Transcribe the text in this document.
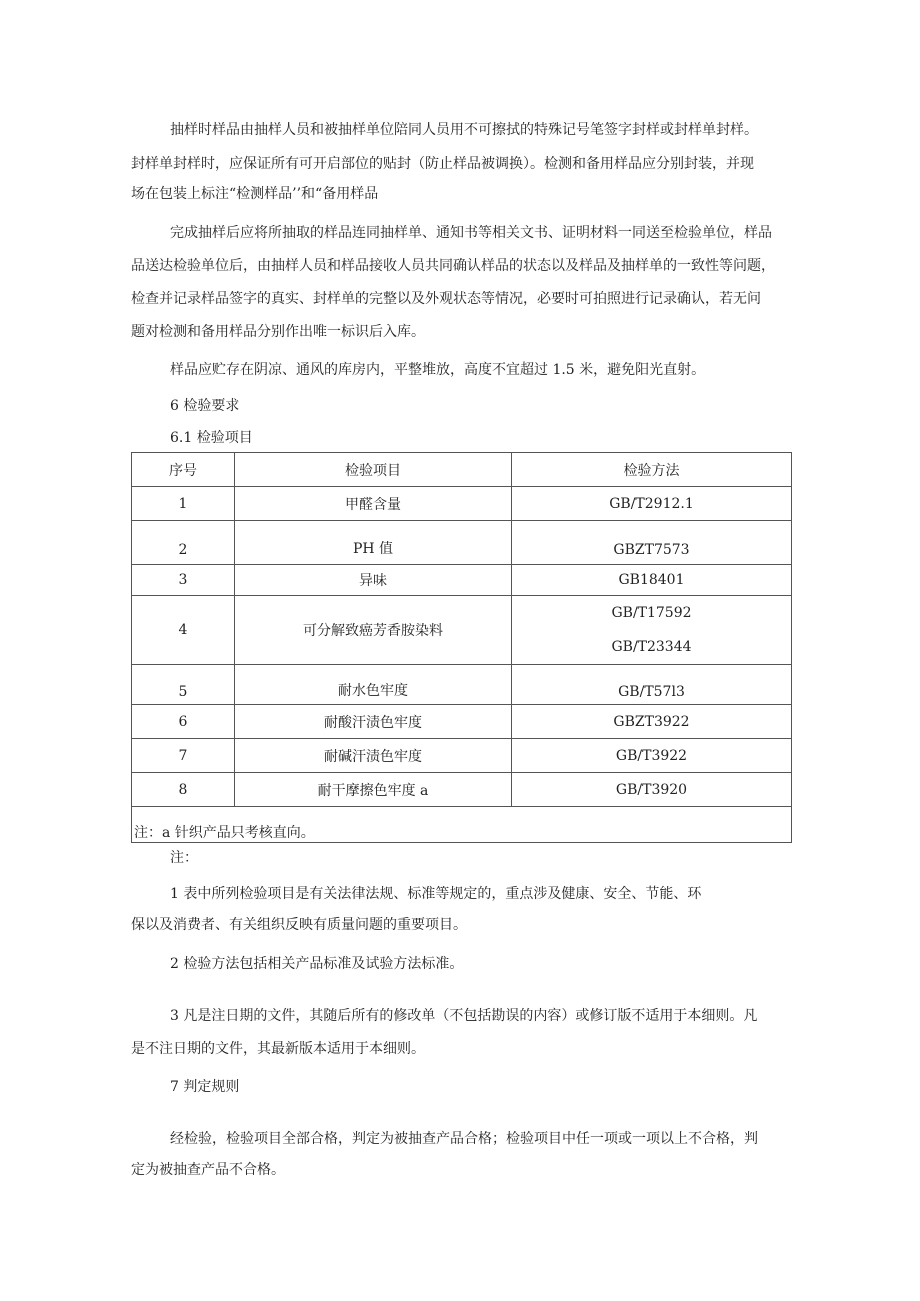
抽样时样品由抽样人员和被抽样单位陪同人员用不可擦拭的特殊记号笔签字封样或封样单封样。
封样单封样时，应保证所有可开启部位的贴封（防止样品被调换）。检测和备用样品应分别封装，并现
场在包装上标注“检测样品’’和“备用样品
完成抽样后应将所抽取的样品连同抽样单、通知书等相关文书、证明材料一同送至检验单位，样品
品送达检验单位后，由抽样人员和样品接收人员共同确认样品的状态以及样品及抽样单的一致性等问题，
检查并记录样品签字的真实、封样单的完整以及外观状态等情况，必要时可拍照进行记录确认，若无问
题对检测和备用样品分别作出唯一标识后入库。
样品应贮存在阴凉、通风的库房内，平整堆放，高度不宜超过 1.5 米，避免阳光直射。
6 检验要求
6.1 检验项目
序号	检验项目	检验方法
1	甲醛含量	GB/T2912.1
2	PH 值	GBZT7573
3	异味	GB18401
4	可分解致癌芳香胺染料	GB/T17592
GB/T23344

5	耐水色牢度	GB/T57l3
6	耐酸汗渍色牢度	GBZT3922
7	耐碱汗渍色牢度	GB/T3922
8	耐干摩擦色牢度 a	GB/T3920
注：a 针织产品只考核直向。		
注：
1 表中所列检验项目是有关法律法规、标准等规定的，重点涉及健康、安全、节能、环
保以及消费者、有关组织反映有质量问题的重要项目。
2 检验方法包括相关产品标准及试验方法标准。
3 凡是注日期的文件，其随后所有的修改单（不包括勘误的内容）或修订版不适用于本细则。凡
是不注日期的文件，其最新版本适用于本细则。
7 判定规则
经检验，检验项目全部合格，判定为被抽查产品合格；检验项目中任一项或一项以上不合格，判
定为被抽查产品不合格。
